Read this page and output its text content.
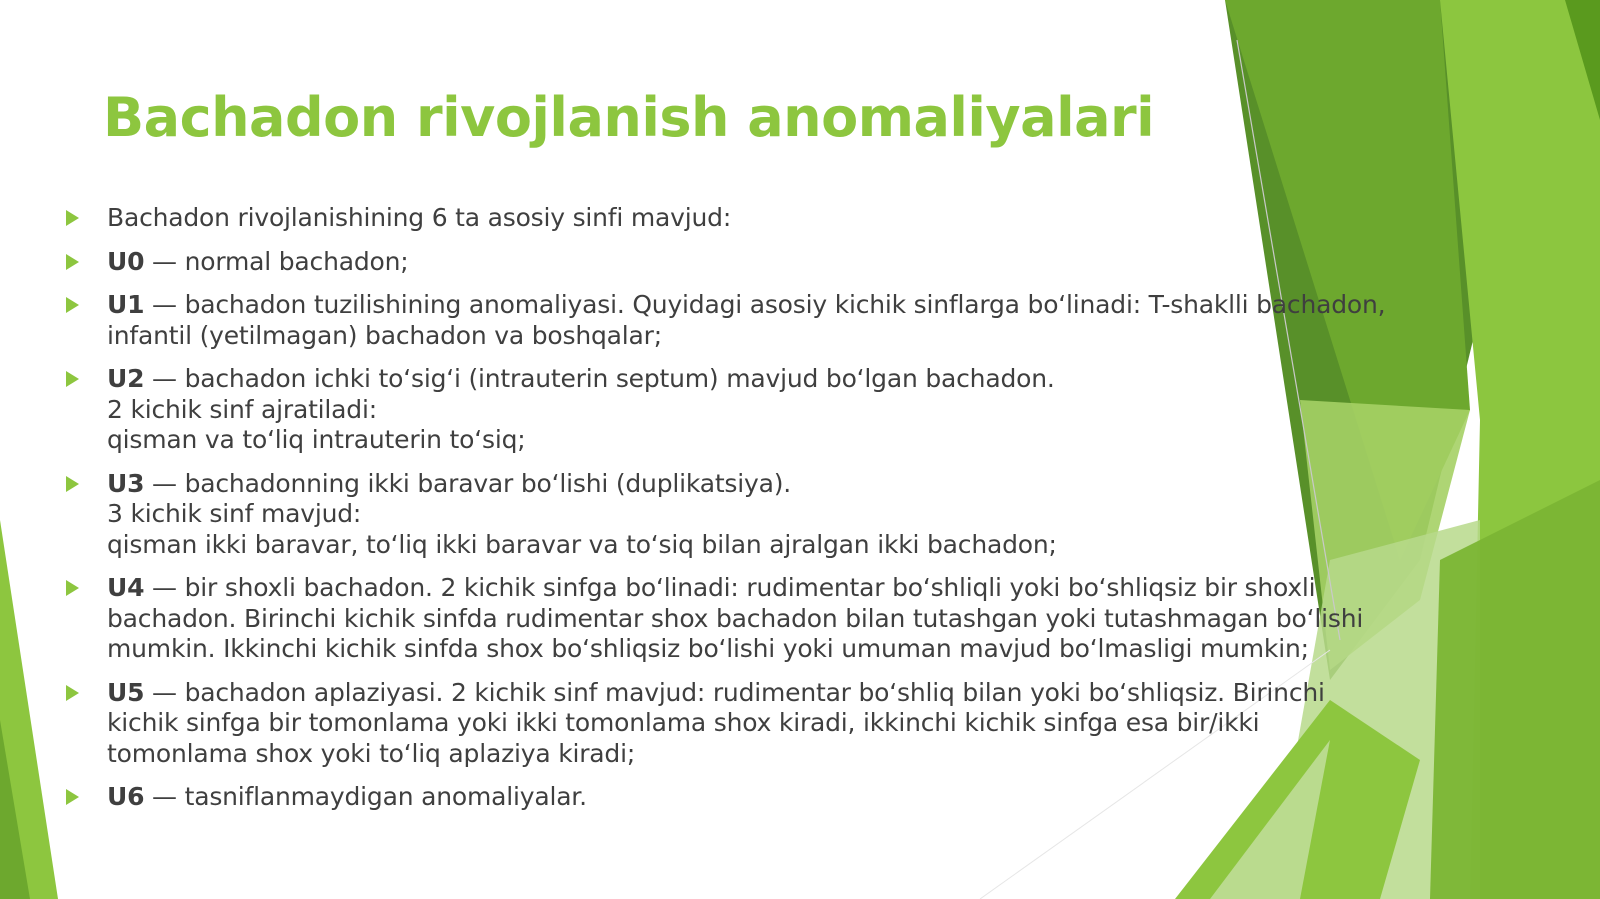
Bachadon rivojlanish anomaliyalari
Bachadon rivojlanishining 6 ta asosiy sinfi mavjud:
U0 — normal bachadon;
U1 — bachadon tuzilishining anomaliyasi. Quyidagi asosiy kichik sinflarga bo‘linadi: T-shaklli bachadon,
infantil (yetilmagan) bachadon va boshqalar;
U2 — bachadon ichki to‘sig‘i (intrauterin septum) mavjud bo‘lgan bachadon.
2 kichik sinf ajratiladi:
qisman va to‘liq intrauterin to‘siq;
U3 — bachadonning ikki baravar bo‘lishi (duplikatsiya).
3 kichik sinf mavjud:
qisman ikki baravar, to‘liq ikki baravar va to‘siq bilan ajralgan ikki bachadon;
U4 — bir shoxli bachadon. 2 kichik sinfga bo‘linadi: rudimentar bo‘shliqli yoki bo‘shliqsiz bir shoxli
bachadon. Birinchi kichik sinfda rudimentar shox bachadon bilan tutashgan yoki tutashmagan bo‘lishi
mumkin. Ikkinchi kichik sinfda shox bo‘shliqsiz bo‘lishi yoki umuman mavjud bo‘lmasligi mumkin;
U5 — bachadon aplaziyasi. 2 kichik sinf mavjud: rudimentar bo‘shliq bilan yoki bo‘shliqsiz. Birinchi
kichik sinfga bir tomonlama yoki ikki tomonlama shox kiradi, ikkinchi kichik sinfga esa bir/ikki
tomonlama shox yoki to‘liq aplaziya kiradi;
U6 — tasniflanmaydigan anomaliyalar.
